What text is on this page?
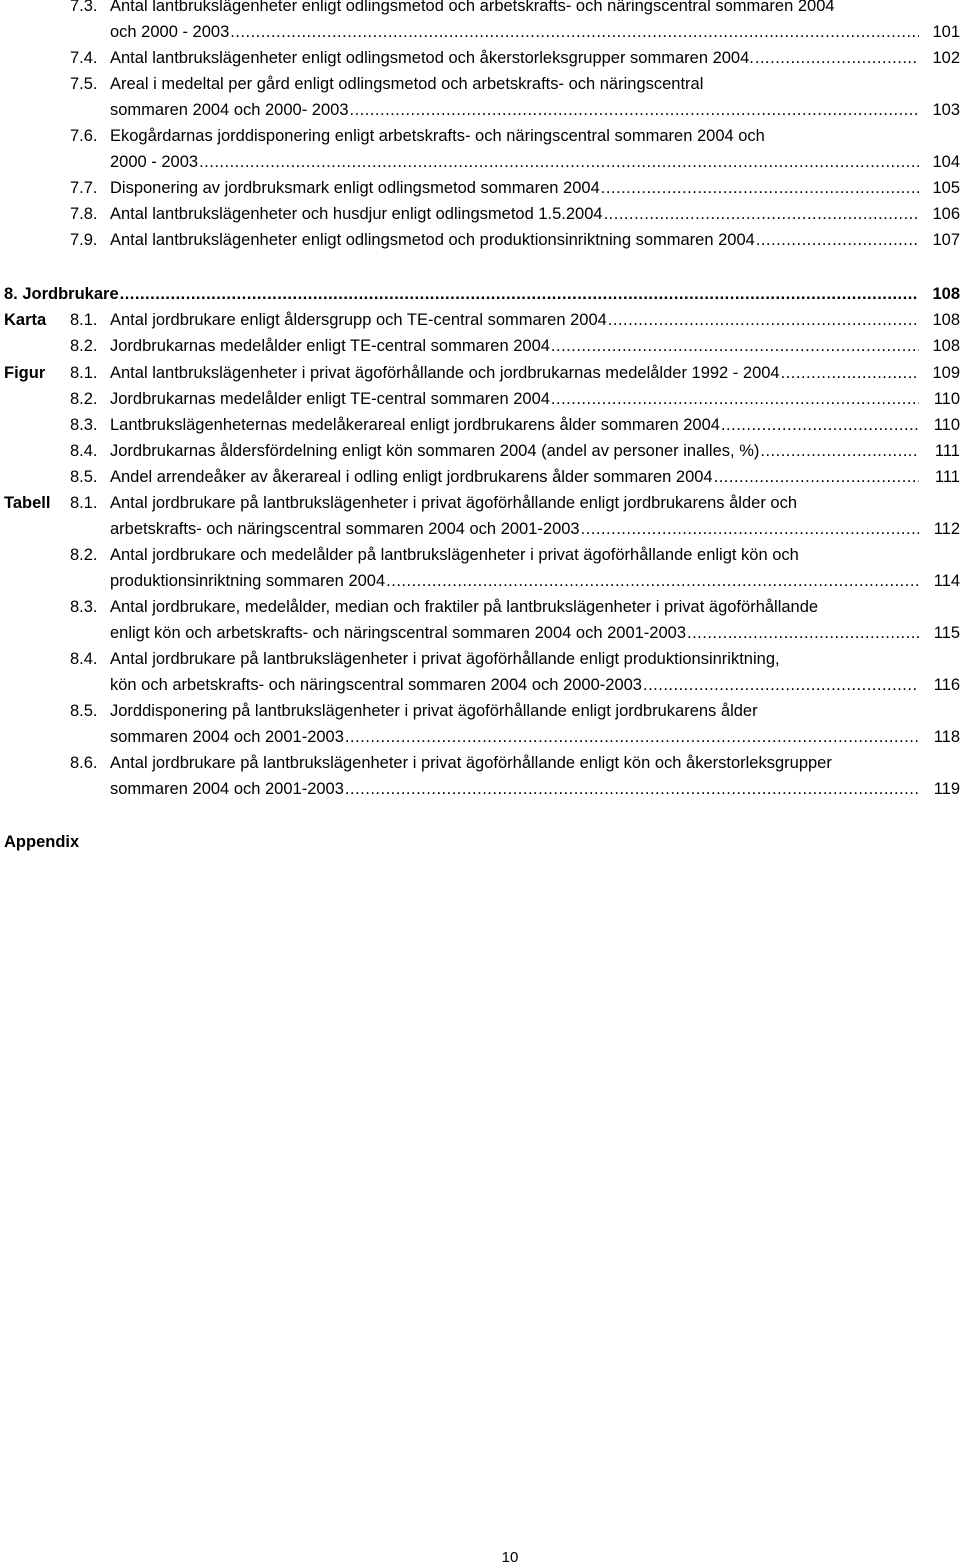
7.3. Antal lantbrukslägenheter enligt odlingsmetod och arbetskrafts- och näringscentral sommaren 2004
och 2000 - 2003 .....	101
7.4. Antal lantbrukslägenheter enligt odlingsmetod och åkerstorleksgrupper sommaren 2004. .....	102
7.5. Areal i medeltal per gård enligt odlingsmetod och arbetskrafts- och näringscentral
sommaren 2004 och 2000- 2003 .....	103
7.6. Ekogårdarnas jorddisponering enligt arbetskrafts- och näringscentral sommaren 2004 och
2000 - 2003 .....	104
7.7. Disponering av jordbruksmark enligt odlingsmetod sommaren 2004 .....	105
7.8. Antal lantbrukslägenheter och husdjur enligt odlingsmetod 1.5.2004 .....	106
7.9. Antal lantbrukslägenheter enligt odlingsmetod och produktionsinriktning sommaren 2004 .....	107
8. Jordbrukare .....	108
Karta 8.1. Antal jordbrukare enligt åldersgrupp och TE-central sommaren 2004 .....	108
8.2. Jordbrukarnas medelålder enligt TE-central sommaren 2004 .....	108
Figur 8.1. Antal lantbrukslägenheter i privat ägoförhållande och jordbrukarnas medelålder 1992 - 2004 .....	109
8.2. Jordbrukarnas medelålder enligt TE-central sommaren 2004 .....	110
8.3. Lantbrukslägenheternas medelåkerareal enligt jordbrukarens ålder sommaren 2004 .....	110
8.4. Jordbrukarnas åldersfördelning enligt kön sommaren 2004 (andel av personer inalles, %) .....	111
8.5. Andel arrendeåker av åkerareal i odling enligt jordbrukarens ålder sommaren 2004 .....	111
Tabell 8.1. Antal jordbrukare på lantbrukslägenheter i privat ägoförhållande enligt jordbrukarens ålder och
arbetskrafts- och näringscentral sommaren 2004 och 2001-2003 .....	112
8.2. Antal jordbrukare och medelålder på lantbrukslägenheter i privat ägoförhållande enligt kön och
produktionsinriktning sommaren 2004 .....	114
8.3. Antal jordbrukare, medelålder, median och fraktiler på lantbrukslägenheter i privat ägoförhållande
enligt kön och arbetskrafts- och näringscentral sommaren 2004 och 2001-2003 .....	115
8.4. Antal jordbrukare på lantbrukslägenheter i privat ägoförhållande enligt produktionsinriktning,
kön och arbetskrafts- och näringscentral sommaren 2004 och 2000-2003 .....	116
8.5. Jorddisponering på lantbrukslägenheter i privat ägoförhållande enligt jordbrukarens ålder
sommaren 2004 och 2001-2003 .....	118
8.6. Antal jordbrukare på lantbrukslägenheter i privat ägoförhållande enligt kön och åkerstorleksgrupper
sommaren 2004 och 2001-2003 .....	119
Appendix
10
